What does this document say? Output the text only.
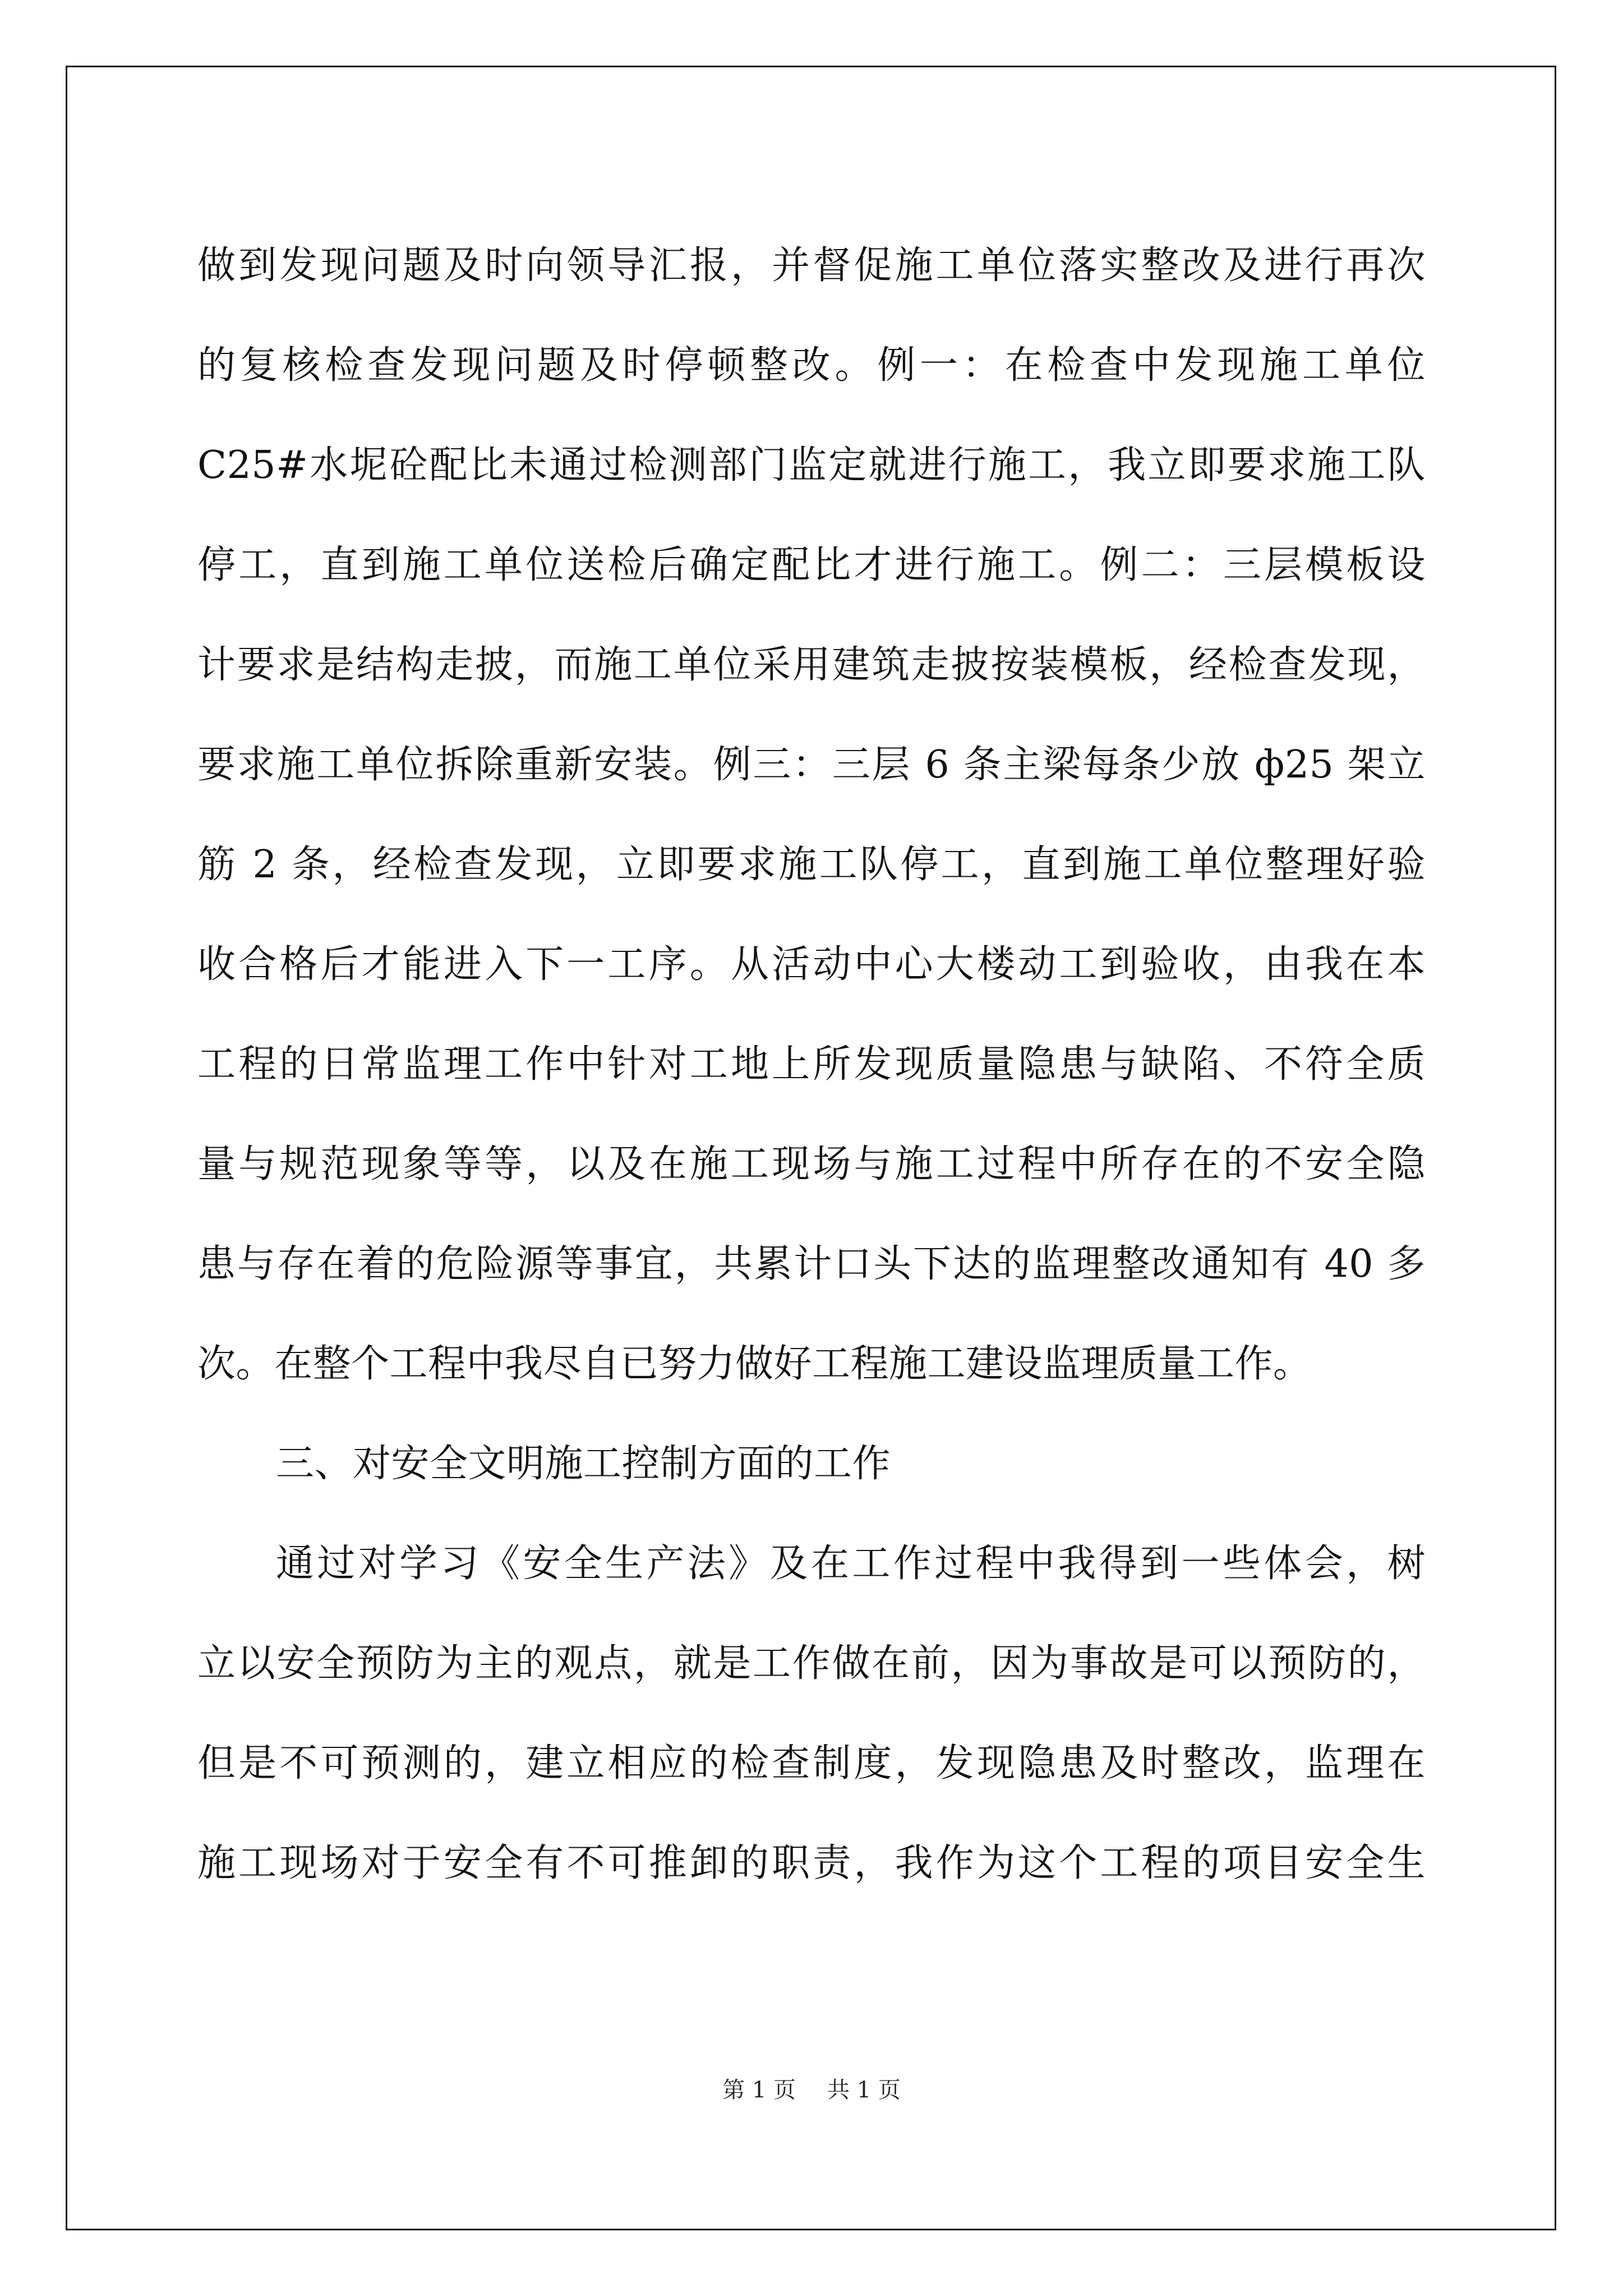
做到发现问题及时向领导汇报，并督促施工单位落实整改及进行再次
的复核检查发现问题及时停顿整改。例一：在检查中发现施工单位
C25#水坭砼配比未通过检测部门监定就进行施工，我立即要求施工队
停工，直到施工单位送检后确定配比才进行施工。例二：三层模板设
计要求是结构走披，而施工单位采用建筑走披按装模板，经检查发现，
要求施工单位拆除重新安装。例三：三层 6 条主梁每条少放 ф25 架立
筋 2 条，经检查发现，立即要求施工队停工，直到施工单位整理好验
收合格后才能进入下一工序。从活动中心大楼动工到验收，由我在本
工程的日常监理工作中针对工地上所发现质量隐患与缺陷、不符全质
量与规范现象等等，以及在施工现场与施工过程中所存在的不安全隐
患与存在着的危险源等事宜，共累计口头下达的监理整改通知有 40 多
次。在整个工程中我尽自已努力做好工程施工建设监理质量工作。
三、对安全文明施工控制方面的工作
通过对学习《安全生产法》及在工作过程中我得到一些体会，树
立以安全预防为主的观点，就是工作做在前，因为事故是可以预防的，
但是不可预测的，建立相应的检查制度，发现隐患及时整改，监理在
施工现场对于安全有不可推卸的职责，我作为这个工程的项目安全生
第 1 页 共 1 页
